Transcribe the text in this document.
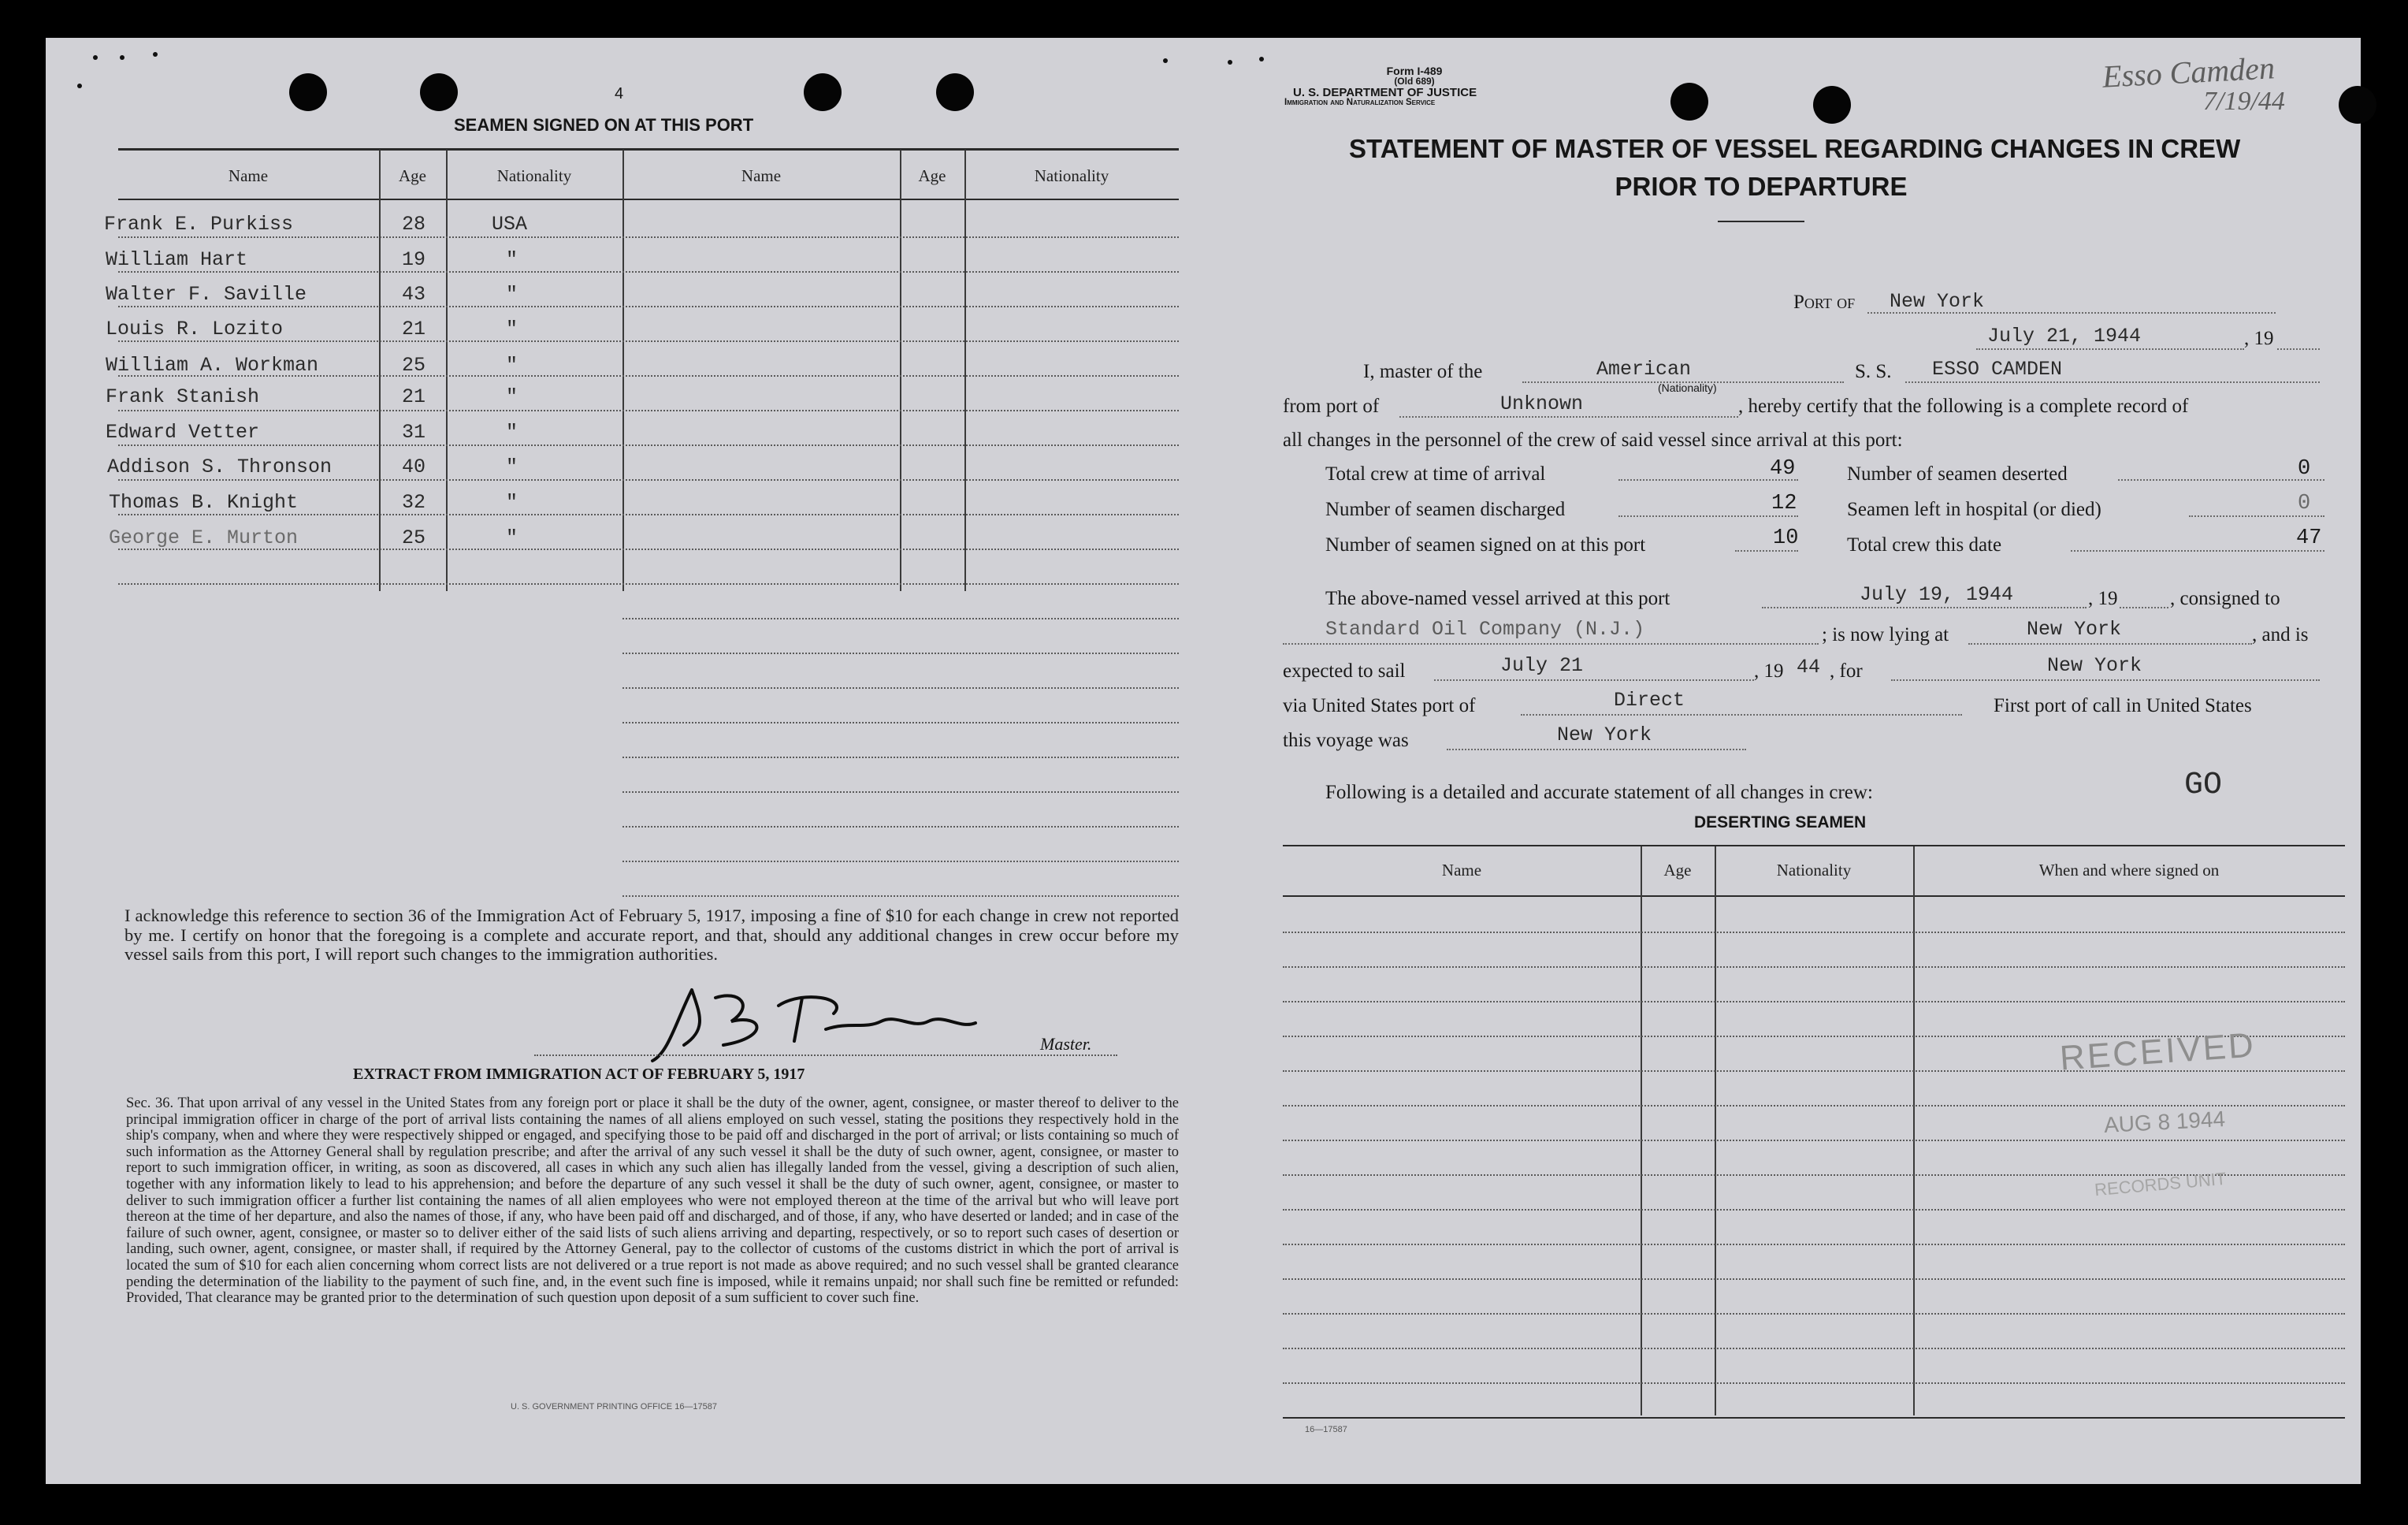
4
SEAMEN SIGNED ON AT THIS PORT
Name	Age	Nationality	Name	Age	Nationality
Frank E. Purkiss	28	USA
William Hart	19	"
Walter F. Saville	43	"
Louis R. Lozito	21	"
William A. Workman	25	"
Frank Stanish	21	"
Edward Vetter	31	"
Addison S. Thronson	40	"
Thomas B. Knight	32	"
George E. Murton	25	"
I acknowledge this reference to section 36 of the Immigration Act of February 5, 1917, imposing a fine of $10 for each change in crew not reported by me. I certify on honor that the foregoing is a complete and accurate report, and that, should any additional changes in crew occur before my vessel sails from this port, I will report such changes to the immigration authorities.
Master.
EXTRACT FROM IMMIGRATION ACT OF FEBRUARY 5, 1917
Sec. 36. That upon arrival of any vessel in the United States from any foreign port or place it shall be the duty of the owner, agent, consignee, or master thereof to deliver to the principal immigration officer in charge of the port of arrival lists containing the names of all aliens employed on such vessel, stating the positions they respectively hold in the ship's company, when and where they were respectively shipped or engaged, and specifying those to be paid off and discharged in the port of arrival; or lists containing so much of such information as the Attorney General shall by regulation prescribe; and after the arrival of any such vessel it shall be the duty of such owner, agent, consignee, or master to report to such immigration officer, in writing, as soon as discovered, all cases in which any such alien has illegally landed from the vessel, giving a description of such alien, together with any information likely to lead to his apprehension; and before the departure of any such vessel it shall be the duty of such owner, agent, consignee, or master to deliver to such immigration officer a further list containing the names of all alien employees who were not employed thereon at the time of the arrival but who will leave port thereon at the time of her departure, and also the names of those, if any, who have been paid off and discharged, and of those, if any, who have deserted or landed; and in case of the failure of such owner, agent, consignee, or master so to deliver either of the said lists of such aliens arriving and departing, respectively, or so to report such cases of desertion or landing, such owner, agent, consignee, or master shall, if required by the Attorney General, pay to the collector of customs of the customs district in which the port of arrival is located the sum of $10 for each alien concerning whom correct lists are not delivered or a true report is not made as above required; and no such vessel shall be granted clearance pending the determination of the liability to the payment of such fine, and, in the event such fine is imposed, while it remains unpaid; nor shall such fine be remitted or refunded: Provided, That clearance may be granted prior to the determination of such question upon deposit of a sum sufficient to cover such fine.
U. S. GOVERNMENT PRINTING OFFICE 16—17587
Form I-489
(Old 689)
U. S. DEPARTMENT OF JUSTICE
Immigration and Naturalization Service
Esso Camden
7/19/44
STATEMENT OF MASTER OF VESSEL REGARDING CHANGES IN CREW
PRIOR TO DEPARTURE
Port of New York
July 21, 1944	, 19
I, master of the	American
(Nationality)
S. S. ESSO CAMDEN
from port of	Unknown	, hereby certify that the following is a complete record of
all changes in the personnel of the crew of said vessel since arrival at this port:
Total crew at time of arrival	49
Number of seamen discharged	12
Number of seamen signed on at this port	10
Number of seamen deserted	0
Seamen left in hospital (or died)	0
Total crew this date	47
The above-named vessel arrived at this port	July 19, 1944	, 19	, consigned to
Standard Oil Company (N.J.)	; is now lying at	New York	, and is
expected to sail	July 21	, 19 44 , for	New York
via United States port of	Direct	First port of call in United States
this voyage was	New York
Following is a detailed and accurate statement of all changes in crew:	GO
DESERTING SEAMEN
Name	Age	Nationality	When and where signed on
RECEIVED
AUG 8 1944
RECORDS UNIT
16—17587
